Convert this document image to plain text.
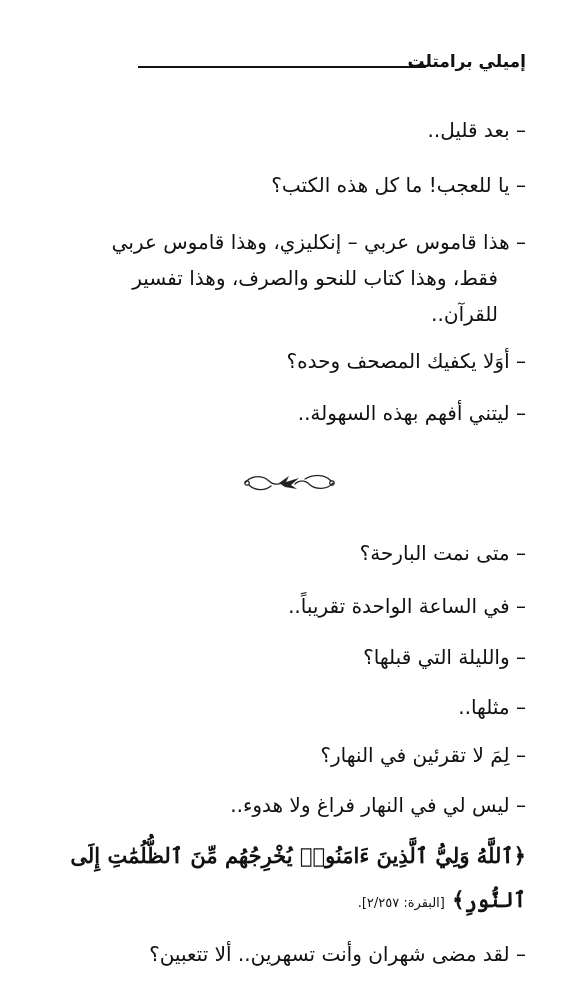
إميلي برامتلت
– بعد قليل..
– يا للعجب! ما كل هذه الكتب؟
– هذا قاموس عربي – إنكليزي، وهذا قاموس عربي
فقط، وهذا كتاب للنحو والصرف، وهذا تفسير
للقرآن..
– أوَلا يكفيك المصحف وحده؟
– ليتني أفهم بهذه السهولة..
– متى نمت البارحة؟
– في الساعة الواحدة تقريباً..
– والليلة التي قبلها؟
– مثلها..
– لِمَ لا تقرئين في النهار؟
– ليس لي في النهار فراغ ولا هدوء..
﴿ٱللَّهُ وَلِيُّ ٱلَّذِينَ ءَامَنُوا۟ يُخْرِجُهُم مِّنَ ٱلظُّلُمَٰتِ إِلَى
ٱلنُّورِ﴾ [البقرة: ٢/٢٥٧].
– لقد مضى شهران وأنت تسهرين.. ألا تتعبين؟
